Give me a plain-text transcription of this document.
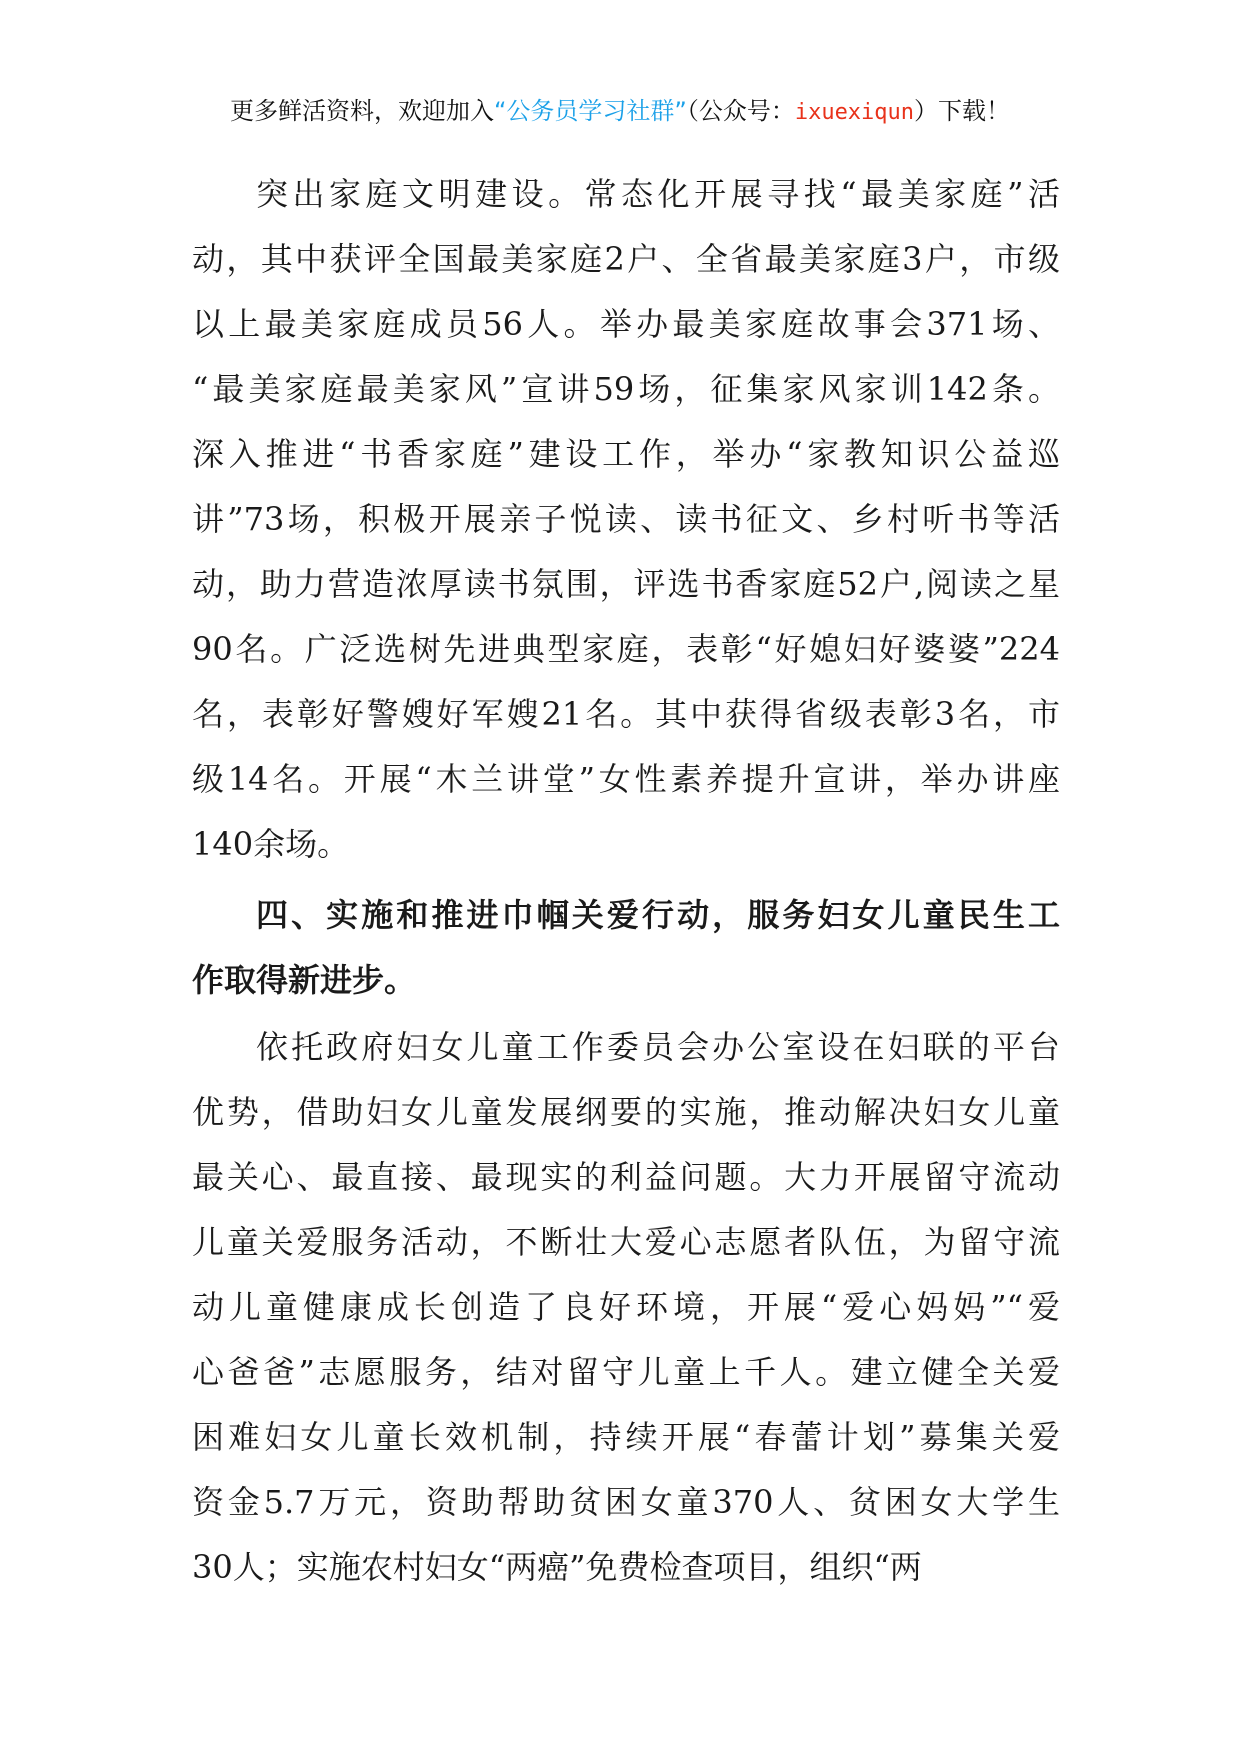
更多鲜活资料，欢迎加入“公务员学习社群”（公众号：ixuexiqun）下载！
突出家庭文明建设。常态化开展寻找“最美家庭”活
动，其中获评全国最美家庭2户、全省最美家庭3户，市级
以上最美家庭成员56人。举办最美家庭故事会371场、
“最美家庭最美家风”宣讲59场，征集家风家训142条。
深入推进“书香家庭”建设工作，举办“家教知识公益巡
讲”73场，积极开展亲子悦读、读书征文、乡村听书等活
动，助力营造浓厚读书氛围，评选书香家庭52户,阅读之星
90名。广泛选树先进典型家庭，表彰“好媳妇好婆婆”224
名，表彰好警嫂好军嫂21名。其中获得省级表彰3名，市
级14名。开展“木兰讲堂”女性素养提升宣讲，举办讲座
140余场。
四、实施和推进巾帼关爱行动，服务妇女儿童民生工
作取得新进步。
依托政府妇女儿童工作委员会办公室设在妇联的平台
优势，借助妇女儿童发展纲要的实施，推动解决妇女儿童
最关心、最直接、最现实的利益问题。大力开展留守流动
儿童关爱服务活动，不断壮大爱心志愿者队伍，为留守流
动儿童健康成长创造了良好环境，开展“爱心妈妈”“爱
心爸爸”志愿服务，结对留守儿童上千人。建立健全关爱
困难妇女儿童长效机制，持续开展“春蕾计划”募集关爱
资金5.7万元，资助帮助贫困女童370人、贫困女大学生
30人；实施农村妇女“两癌”免费检查项目，组织“两
